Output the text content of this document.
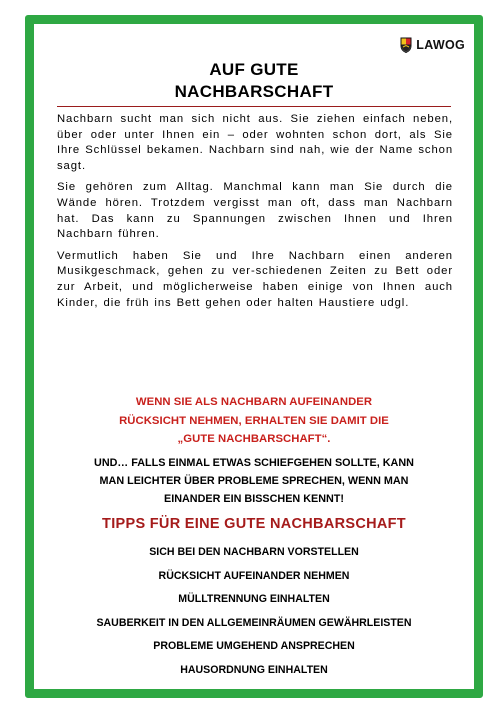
LAWOG
AUF GUTE
NACHBARSCHAFT

Nachbarn sucht man sich nicht aus. Sie ziehen einfach neben, über oder unter Ihnen ein – oder wohnten schon dort, als Sie Ihre Schlüssel bekamen. Nachbarn sind nah, wie der Name schon sagt.

Sie gehören zum Alltag. Manchmal kann man Sie durch die Wände hören. Trotzdem vergisst man oft, dass man Nachbarn hat. Das kann zu Spannungen zwischen Ihnen und Ihren Nachbarn führen.

Vermutlich haben Sie und Ihre Nachbarn einen anderen Musikgeschmack, gehen zu ver-schiedenen Zeiten zu Bett oder zur Arbeit, und möglicherweise haben einige von Ihnen auch Kinder, die früh ins Bett gehen oder halten Haustiere udgl.

WENN SIE ALS NACHBARN AUFEINANDER
RÜCKSICHT NEHMEN, ERHALTEN SIE DAMIT DIE
„GUTE NACHBARSCHAFT“.
UND… FALLS EINMAL ETWAS SCHIEFGEHEN SOLLTE, KANN
MAN LEICHTER ÜBER PROBLEME SPRECHEN, WENN MAN
EINANDER EIN BISSCHEN KENNT!
TIPPS FÜR EINE GUTE NACHBARSCHAFT
SICH BEI DEN NACHBARN VORSTELLEN
RÜCKSICHT AUFEINANDER NEHMEN
MÜLLTRENNUNG EINHALTEN
SAUBERKEIT IN DEN ALLGEMEINRÄUMEN GEWÄHRLEISTEN
PROBLEME UMGEHEND ANSPRECHEN
HAUSORDNUNG EINHALTEN
